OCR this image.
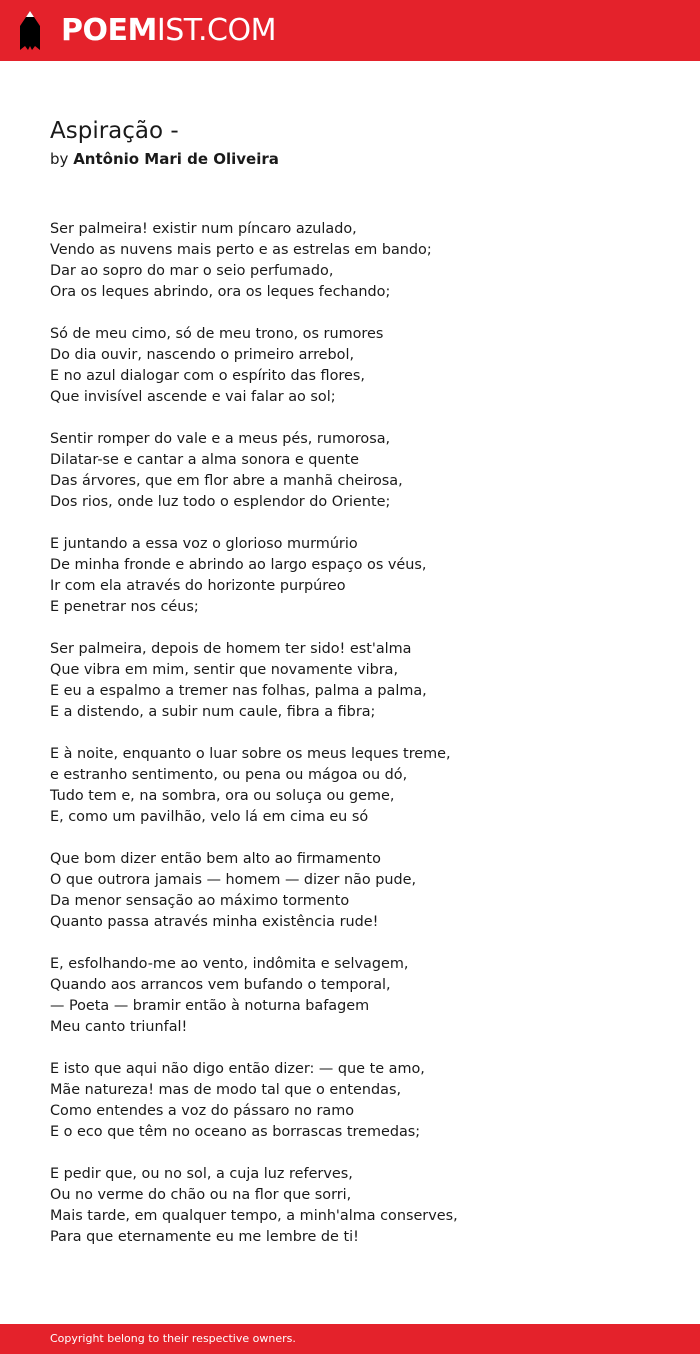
POEMIST.COM
Aspiração -
by Antônio Mari de Oliveira
Ser palmeira! existir num píncaro azulado,
Vendo as nuvens mais perto e as estrelas em bando;
Dar ao sopro do mar o seio perfumado,
Ora os leques abrindo, ora os leques fechando;
Só de meu cimo, só de meu trono, os rumores
Do dia ouvir, nascendo o primeiro arrebol,
E no azul dialogar com o espírito das flores,
Que invisível ascende e vai falar ao sol;
Sentir romper do vale e a meus pés, rumorosa,
Dilatar-se e cantar a alma sonora e quente
Das árvores, que em flor abre a manhã cheirosa,
Dos rios, onde luz todo o esplendor do Oriente;
E juntando a essa voz o glorioso murmúrio
De minha fronde e abrindo ao largo espaço os véus,
Ir com ela através do horizonte purpúreo
E penetrar nos céus;
Ser palmeira, depois de homem ter sido! est'alma
Que vibra em mim, sentir que novamente vibra,
E eu a espalmo a tremer nas folhas, palma a palma,
E a distendo, a subir num caule, fibra a fibra;
E à noite, enquanto o luar sobre os meus leques treme,
e estranho sentimento, ou pena ou mágoa ou dó,
Tudo tem e, na sombra, ora ou soluça ou geme,
E, como um pavilhão, velo lá em cima eu só
Que bom dizer então bem alto ao firmamento
O que outrora jamais — homem — dizer não pude,
Da menor sensação ao máximo tormento
Quanto passa através minha existência rude!
E, esfolhando-me ao vento, indômita e selvagem,
Quando aos arrancos vem bufando o temporal,
— Poeta — bramir então à noturna bafagem
Meu canto triunfal!
E isto que aqui não digo então dizer: — que te amo,
Mãe natureza! mas de modo tal que o entendas,
Como entendes a voz do pássaro no ramo
E o eco que têm no oceano as borrascas tremedas;
E pedir que, ou no sol, a cuja luz referves,
Ou no verme do chão ou na flor que sorri,
Mais tarde, em qualquer tempo, a minh'alma conserves,
Para que eternamente eu me lembre de ti!
Copyright belong to their respective owners.
